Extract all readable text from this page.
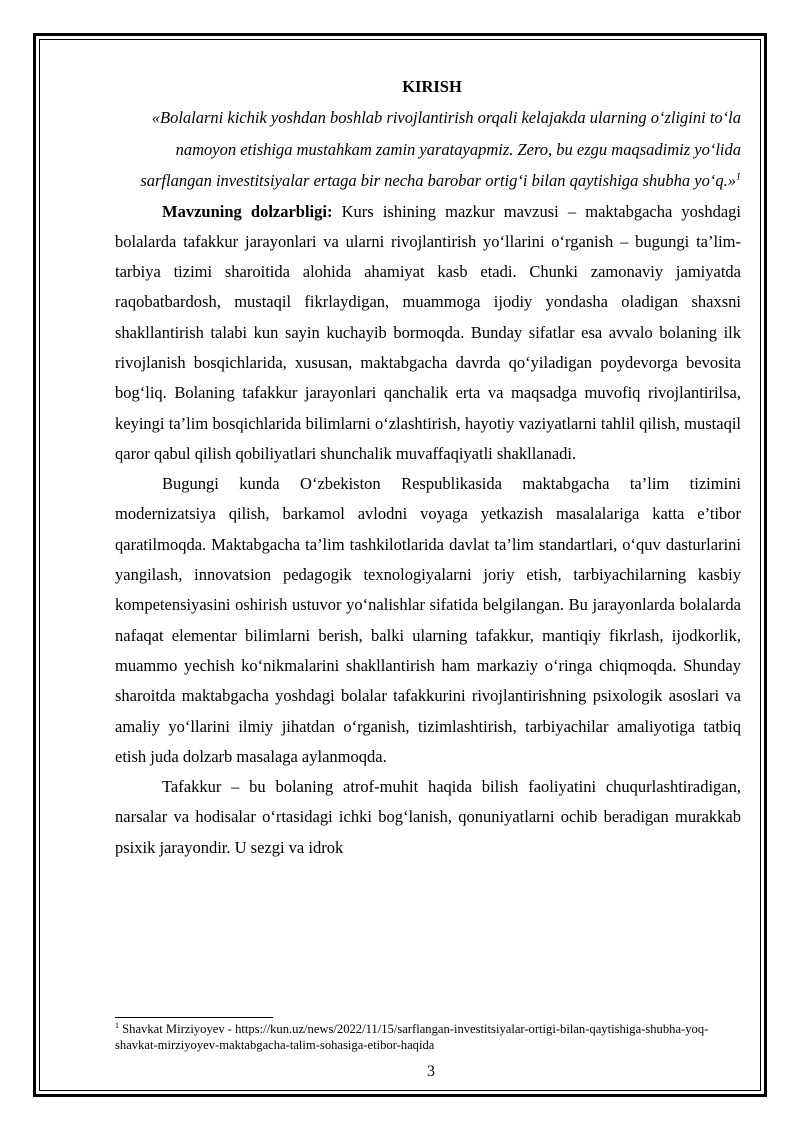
KIRISH

«Bolalarni kichik yoshdan boshlab rivojlantirish orqali kelajakda ularning o‘zligini to‘la namoyon etishiga mustahkam zamin yaratayapmiz. Zero, bu ezgu maqsadimiz yo‘lida sarflangan investitsiyalar ertaga bir necha barobar ortig‘i bilan qaytishiga shubha yo‘q.»$^1$

Mavzuning dolzarbligi: Kurs ishining mazkur mavzusi – maktabgacha yoshdagi bolalarda tafakkur jarayonlari va ularni rivojlantirish yo‘llarini o‘rganish – bugungi ta’lim-tarbiya tizimi sharoitida alohida ahamiyat kasb etadi. Chunki zamonaviy jamiyatda raqobatbardosh, mustaqil fikrlaydigan, muammoga ijodiy yondasha oladigan shaxsni shakllantirish talabi kun sayin kuchayib bormoqda. Bunday sifatlar esa avvalo bolaning ilk rivojlanish bosqichlarida, xususan, maktabgacha davrda qo‘yiladigan poydevorga bevosita bog‘liq. Bolaning tafakkur jarayonlari qanchalik erta va maqsadga muvofiq rivojlantirilsa, keyingi ta’lim bosqichlarida bilimlarni o‘zlashtirish, hayotiy vaziyatlarni tahlil qilish, mustaqil qaror qabul qilish qobiliyatlari shunchalik muvaffaqiyatli shakllanadi.

Bugungi kunda O‘zbekiston Respublikasida maktabgacha ta’lim tizimini modernizatsiya qilish, barkamol avlodni voyaga yetkazish masalalariga katta e’tibor qaratilmoqda. Maktabgacha ta’lim tashkilotlarida davlat ta’lim standartlari, o‘quv dasturlarini yangilash, innovatsion pedagogik texnologiyalarni joriy etish, tarbiyachilarning kasbiy kompetensiyasini oshirish ustuvor yo‘nalishlar sifatida belgilangan. Bu jarayonlarda bolalarda nafaqat elementar bilimlarni berish, balki ularning tafakkur, mantiqiy fikrlash, ijodkorlik, muammo yechish ko‘nikmalarini shakllantirish ham markaziy o‘ringa chiqmoqda. Shunday sharoitda maktabgacha yoshdagi bolalar tafakkurini rivojlantirishning psixologik asoslari va amaliy yo‘llarini ilmiy jihatdan o‘rganish, tizimlashtirish, tarbiyachilar amaliyotiga tatbiq etish juda dolzarb masalaga aylanmoqda.

Tafakkur – bu bolaning atrof-muhit haqida bilish faoliyatini chuqurlashtiradigan, narsalar va hodisalar o‘rtasidagi ichki bog‘lanish, qonuniyatlarni ochib beradigan murakkab psixik jarayondir. U sezgi va idrok

$^1$ Shavkat Mirziyoyev - https://kun.uz/news/2022/11/15/sarflangan-investitsiyalar-ortigi-bilan-qaytishiga-shubha-yoq-shavkat-mirziyoyev-maktabgacha-talim-sohasiga-etibor-haqida
3
